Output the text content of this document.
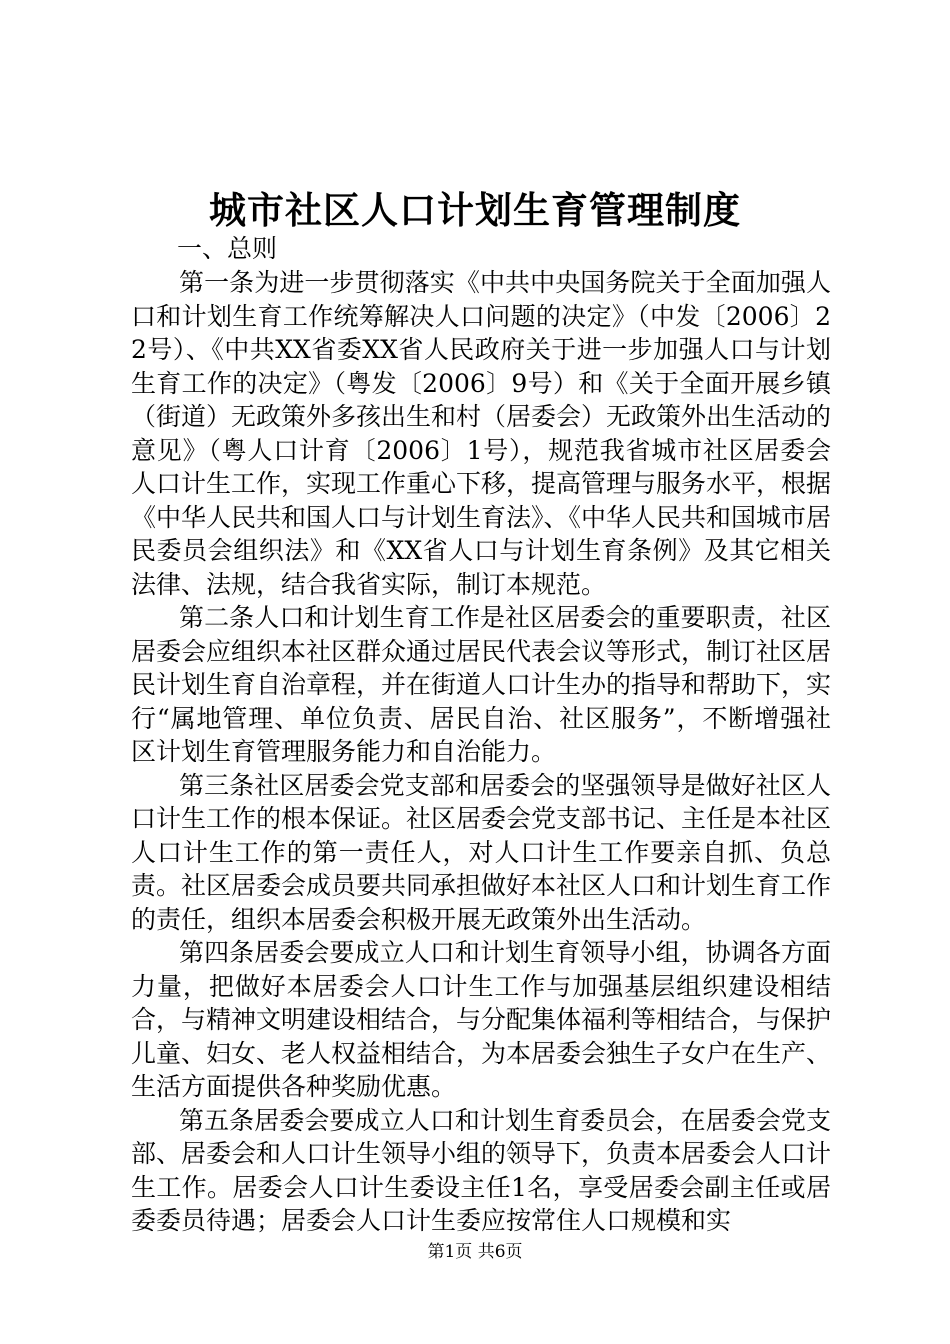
城市社区人口计划生育管理制度

一、总则

第一条为进一步贯彻落实《中共中央国务院关于全面加强人口和计划生育工作统筹解决人口问题的决定》（中发〔2006〕22号）、《中共XX省委XX省人民政府关于进一步加强人口与计划生育工作的决定》（粤发〔2006〕9号）和《关于全面开展乡镇（街道）无政策外多孩出生和村（居委会）无政策外出生活动的意见》（粤人口计育〔2006〕1号），规范我省城市社区居委会人口计生工作，实现工作重心下移，提高管理与服务水平，根据《中华人民共和国人口与计划生育法》、《中华人民共和国城市居民委员会组织法》和《XX省人口与计划生育条例》及其它相关法律、法规，结合我省实际，制订本规范。

第二条人口和计划生育工作是社区居委会的重要职责，社区居委会应组织本社区群众通过居民代表会议等形式，制订社区居民计划生育自治章程，并在街道人口计生办的指导和帮助下，实行“属地管理、单位负责、居民自治、社区服务”，不断增强社区计划生育管理服务能力和自治能力。

第三条社区居委会党支部和居委会的坚强领导是做好社区人口计生工作的根本保证。社区居委会党支部书记、主任是本社区人口计生工作的第一责任人，对人口计生工作要亲自抓、负总责。社区居委会成员要共同承担做好本社区人口和计划生育工作的责任，组织本居委会积极开展无政策外出生活动。

第四条居委会要成立人口和计划生育领导小组，协调各方面力量，把做好本居委会人口计生工作与加强基层组织建设相结合，与精神文明建设相结合，与分配集体福利等相结合，与保护儿童、妇女、老人权益相结合，为本居委会独生子女户在生产、生活方面提供各种奖励优惠。

第五条居委会要成立人口和计划生育委员会，在居委会党支部、居委会和人口计生领导小组的领导下，负责本居委会人口计生工作。居委会人口计生委设主任1名，享受居委会副主任或居委委员待遇；居委会人口计生委应按常住人口规模和实

第1页 共6页
